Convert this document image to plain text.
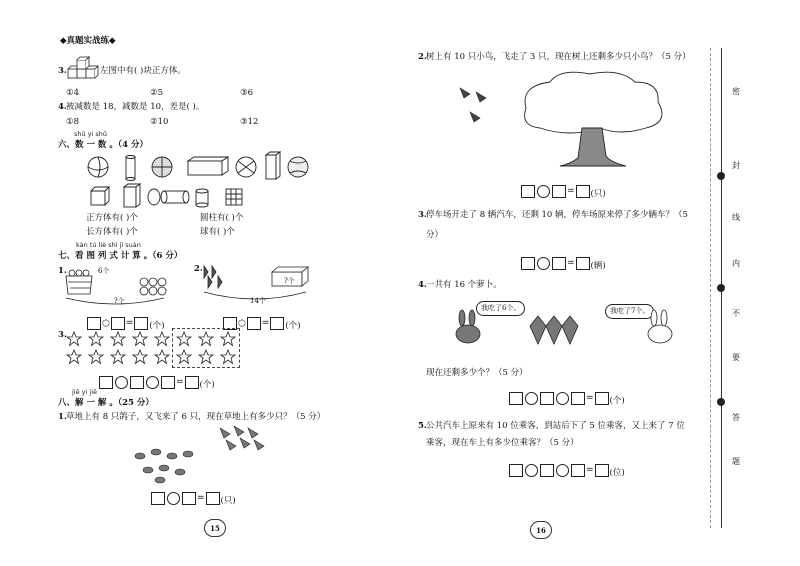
◆真题实战练◆
3.	左图中有( )块正方体。
①4	②5	③6
4. 被减数是 18，减数是 10，差是( )。
①8	②10	③12
shǔ yi shǔ
六、数 一 数 。（4 分）
正方体有( )个	圆柱有( )个
长方体有( )个	球有( )个
kàn tú liè shì jì suàn
七、看 图 列 式 计 算 。（6 分）
1.	6个
?个
○ = (个)
2.
?个
14个
○ = (个)
3.
= (个)
jiě yi jiě
八、解 一 解 。（25 分）
1. 草地上有 8 只鸽子，又飞来了 6 只，现在草地上有多少只？（5 分）
= (只)
15
2. 树上有 10 只小鸟，飞走了 3 只，现在树上还剩多少只小鸟？（5 分）
= (只)
3. 停车场开走了 8 辆汽车，还剩 10 辆，停车场原来停了多少辆车？（5
分）
= (辆)
4. 一共有 16 个萝卜。
我吃了6个。	我吃了7个。
现在还剩多少个？（5 分）
= (个)
5. 公共汽车上原来有 10 位乘客，到站后下了 5 位乘客，又上来了 7 位
乘客，现在车上有多少位乘客？（5 分）
= (位)
16
密
封
线
内
不
要
答
题
